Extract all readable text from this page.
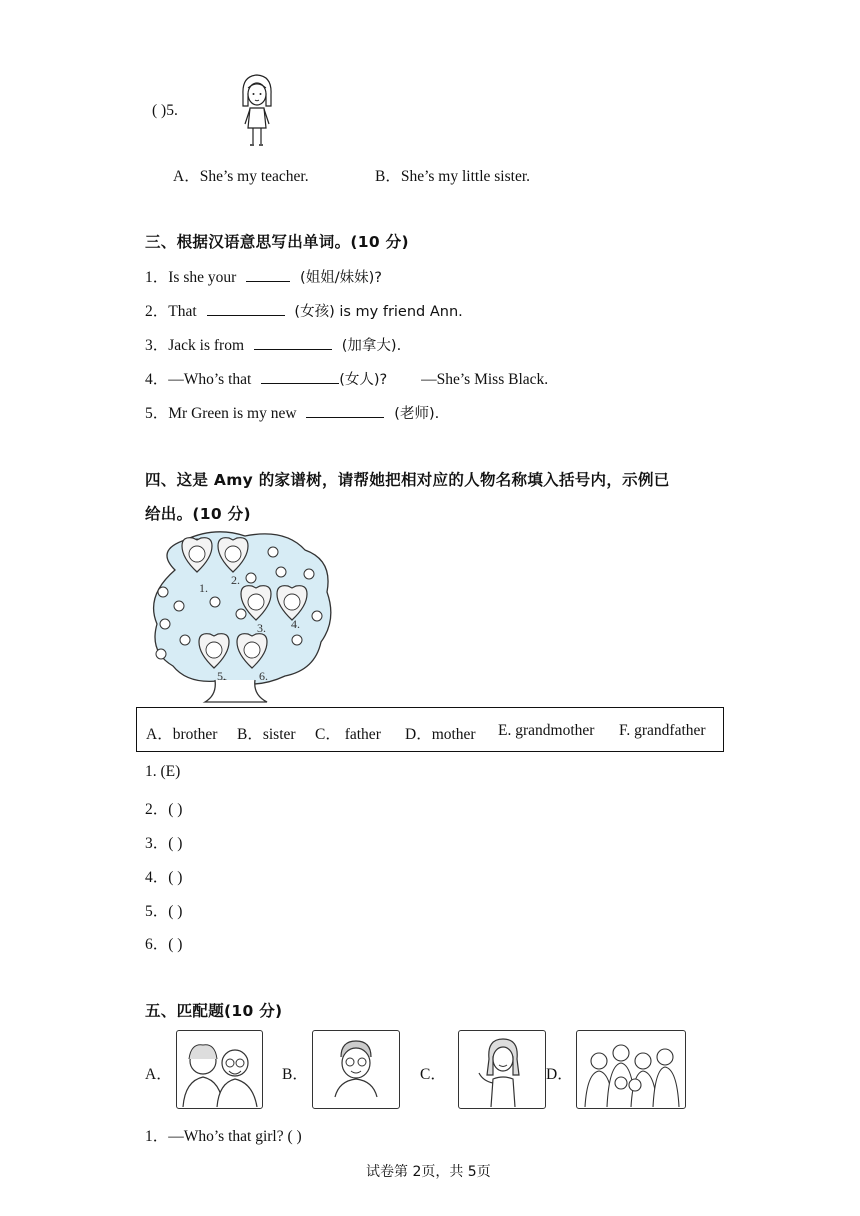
( )5.
A．She’s my teacher.	B．She’s my little sister.
三、根据汉语意思写出单词。(10 分)
1．Is she your	(姐姐/妹妹)?
2．That	(女孩) is my friend Ann.
3．Jack is from	(加拿大).
4．—Who’s that	(女人)? —She’s Miss Black.
5．Mr Green is my new	(老师).
四、这是 Amy 的家谱树，请帮她把相对应的人物名称填入括号内，示例已
给出。(10 分)
1.
2.
3. 4.
5.	6.
A．brother B．sister C． father D．mother E. grandmother F. grandfather
1. (E)
2．( )
3．( )
4．( )
5．( )
6．( )
五、匹配题(10 分)
A．	B．	C．	D．
1．—Who’s that girl? ( )
试卷第 2页，共 5页
